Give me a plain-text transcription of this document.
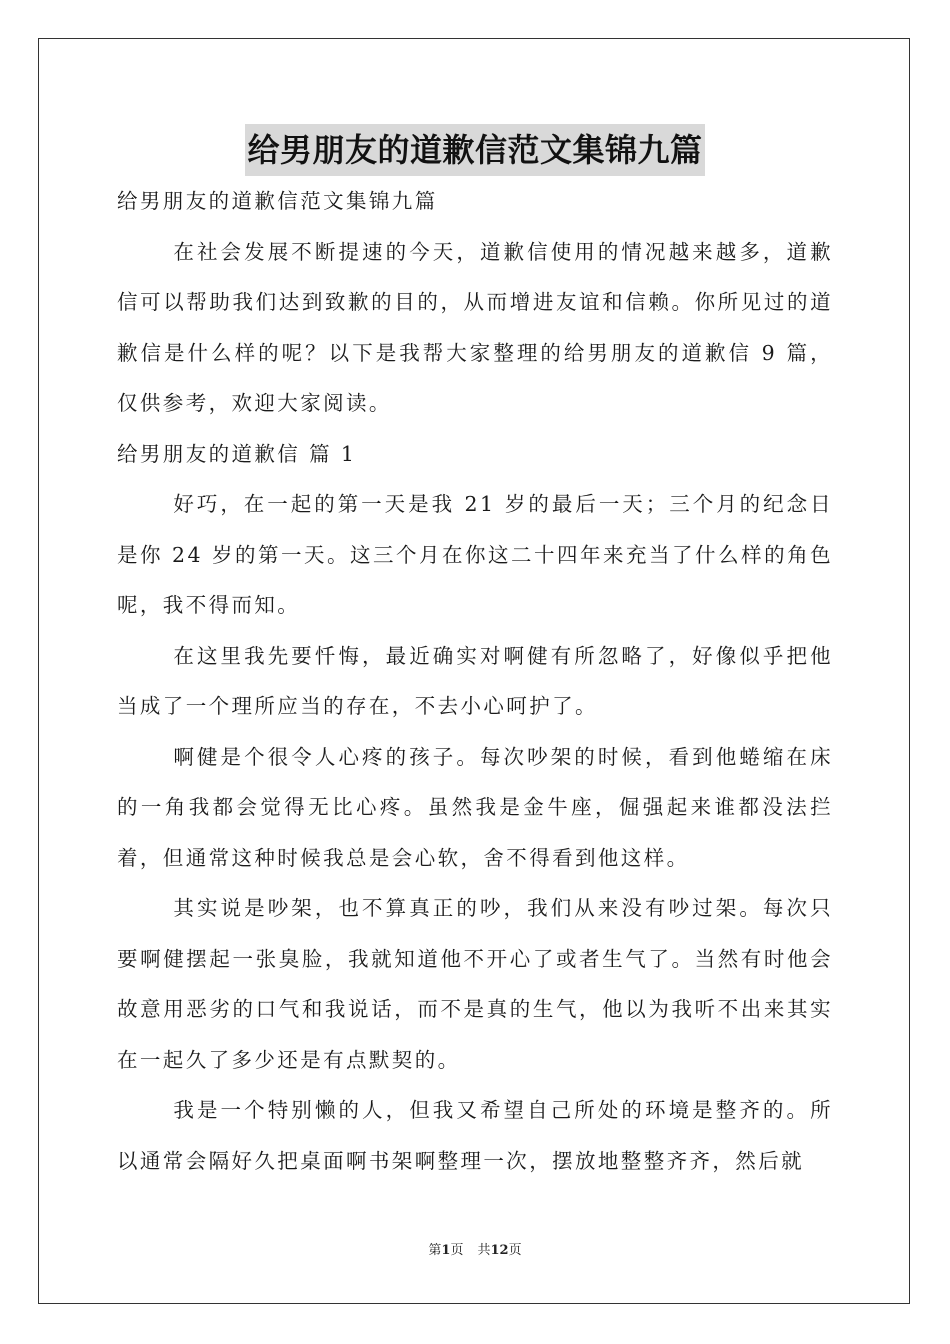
给男朋友的道歉信范文集锦九篇

给男朋友的道歉信范文集锦九篇

在社会发展不断提速的今天，道歉信使用的情况越来越多，道歉信可以帮助我们达到致歉的目的，从而增进友谊和信赖。你所见过的道歉信是什么样的呢？以下是我帮大家整理的给男朋友的道歉信 9 篇，仅供参考，欢迎大家阅读。

给男朋友的道歉信 篇 1

好巧，在一起的第一天是我 21 岁的最后一天；三个月的纪念日是你 24 岁的第一天。这三个月在你这二十四年来充当了什么样的角色呢，我不得而知。

在这里我先要忏悔，最近确实对啊健有所忽略了，好像似乎把他当成了一个理所应当的存在，不去小心呵护了。

啊健是个很令人心疼的孩子。每次吵架的时候，看到他蜷缩在床的一角我都会觉得无比心疼。虽然我是金牛座，倔强起来谁都没法拦着，但通常这种时候我总是会心软，舍不得看到他这样。

其实说是吵架，也不算真正的吵，我们从来没有吵过架。每次只要啊健摆起一张臭脸，我就知道他不开心了或者生气了。当然有时他会故意用恶劣的口气和我说话，而不是真的生气，他以为我听不出来其实在一起久了多少还是有点默契的。

我是一个特别懒的人，但我又希望自己所处的环境是整齐的。所以通常会隔好久把桌面啊书架啊整理一次，摆放地整整齐齐，然后就

第1页 共12页
